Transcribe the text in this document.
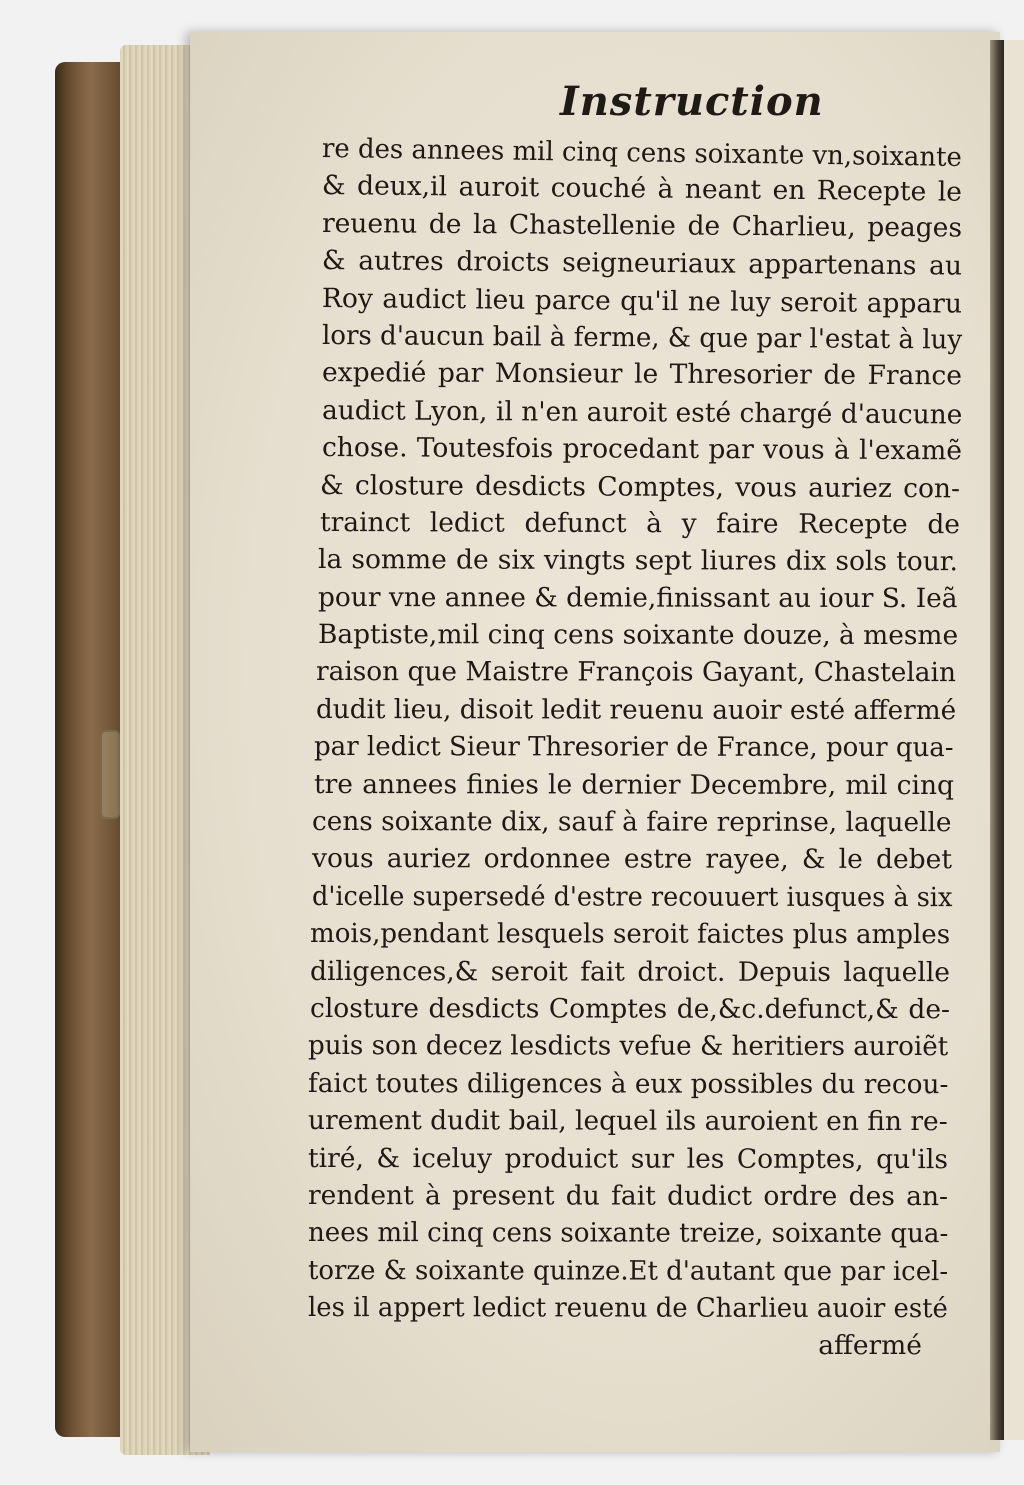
Instruction
re des annees mil cinq cens soixante vn,soixante
& deux,il auroit couché à neant en Recepte le
reuenu de la Chastellenie de Charlieu, peages
& autres droicts seigneuriaux appartenans au
Roy audict lieu parce qu'il ne luy seroit apparu
lors d'aucun bail à ferme, & que par l'estat à luy
expedié par Monsieur le Thresorier de France
audict Lyon, il n'en auroit esté chargé d'aucune
chose. Toutesfois procedant par vous à l'examẽ
& closture desdicts Comptes, vous auriez con-
trainct ledict defunct à y faire Recepte de
la somme de six vingts sept liures dix sols tour.
pour vne annee & demie,finissant au iour S. Ieã
Baptiste,mil cinq cens soixante douze, à mesme
raison que Maistre François Gayant, Chastelain
dudit lieu, disoit ledit reuenu auoir esté affermé
par ledict Sieur Thresorier de France, pour qua-
tre annees finies le dernier Decembre, mil cinq
cens soixante dix, sauf à faire reprinse, laquelle
vous auriez ordonnee estre rayee, & le debet
d'icelle supersedé d'estre recouuert iusques à six
mois,pendant lesquels seroit faictes plus amples
diligences,& seroit fait droict. Depuis laquelle
closture desdicts Comptes de,&c.defunct,& de-
puis son decez lesdicts vefue & heritiers auroiẽt
faict toutes diligences à eux possibles du recou-
urement dudit bail, lequel ils auroient en fin re-
tiré, & iceluy produict sur les Comptes, qu'ils
rendent à present du fait dudict ordre des an-
nees mil cinq cens soixante treize, soixante qua-
torze & soixante quinze.Et d'autant que par icel-
les il appert ledict reuenu de Charlieu auoir esté
affermé
